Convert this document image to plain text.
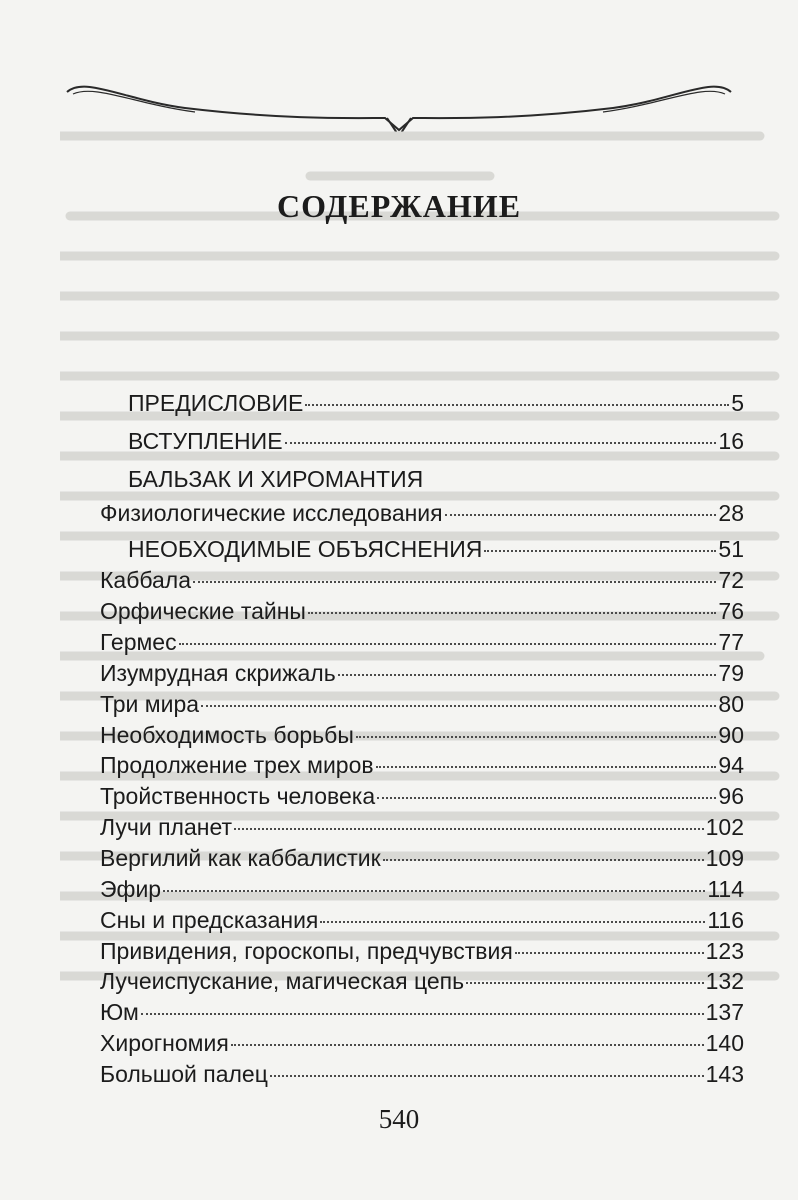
СОДЕРЖАНИЕ
ПРЕДИСЛОВИЕ	5
ВСТУПЛЕНИЕ	16
БАЛЬЗАК И ХИРОМАНТИЯ
Физиологические исследования	28
НЕОБХОДИМЫЕ ОБЪЯСНЕНИЯ	51
Каббала	72
Орфические тайны	76
Гермес	77
Изумрудная скрижаль	79
Три мира	80
Необходимость борьбы	90
Продолжение трех миров	94
Тройственность человека	96
Лучи планет	102
Вергилий как каббалистик	109
Эфир	114
Сны и предсказания	116
Привидения, гороскопы, предчувствия	123
Лучеиспускание, магическая цепь	132
Юм	137
Хирогномия	140
Большой палец	143
540
